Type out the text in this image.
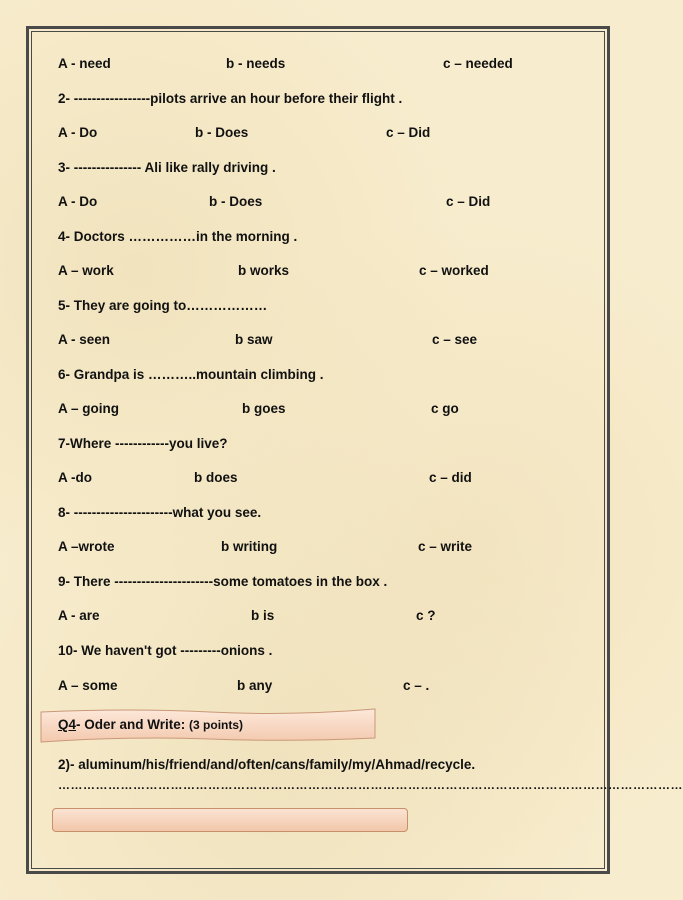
A - need	b - needs	c – needed
2- -----------------pilots arrive an hour before their flight .
A - Do	b - Does	c – Did
3- --------------- Ali like rally driving .
A - Do	b - Does	c – Did
4- Doctors ……………in the morning .
A – work	b works	c – worked
5- They are going to………………
A - seen	b saw	c – see
6- Grandpa is ………..mountain climbing .
A – going	b goes	c go
7-Where ------------you live?
A -do	b does	c – did
8- ----------------------what you see.
A –wrote	b writing	c – write
9- There ----------------------some tomatoes in the box .
A - are	b is	c ?
10- We haven't got ---------onions .
A – some	b any	c – .
Q4- Oder and Write: (3 points)
2)- aluminum/his/friend/and/often/cans/family/my/Ahmad/recycle.
……………………………………………………………………………………………………………………………………
